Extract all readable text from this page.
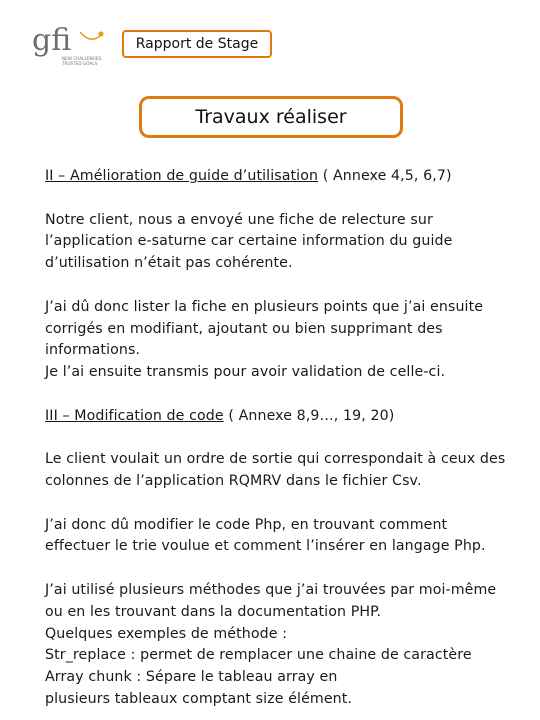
gfi
NEW CHALLENGES,
TRUSTED GOALS
Rapport de Stage
Travaux réaliser

II – Amélioration de guide d’utilisation ( Annexe 4,5, 6,7)

Notre client, nous a envoyé une fiche de relecture sur

l’application e-saturne car certaine information du guide

d’utilisation n’était pas cohérente.

J’ai dû donc lister la fiche en plusieurs points que j’ai ensuite

corrigés en modifiant, ajoutant ou bien supprimant des

informations.

Je l’ai ensuite transmis pour avoir validation de celle-ci.

III – Modification de code ( Annexe 8,9…, 19, 20)

Le client voulait un ordre de sortie qui correspondait à ceux des

colonnes de l’application RQMRV dans le fichier Csv.

J’ai donc dû modifier le code Php, en trouvant comment

effectuer le trie voulue et comment l’insérer en langage Php.

J’ai utilisé plusieurs méthodes que j’ai trouvées par moi-même

ou en les trouvant dans la documentation PHP.

Quelques exemples de méthode :

Str_replace : permet de remplacer une chaine de caractère

Array chunk : Sépare le tableau array en

plusieurs tableaux comptant size élément.
